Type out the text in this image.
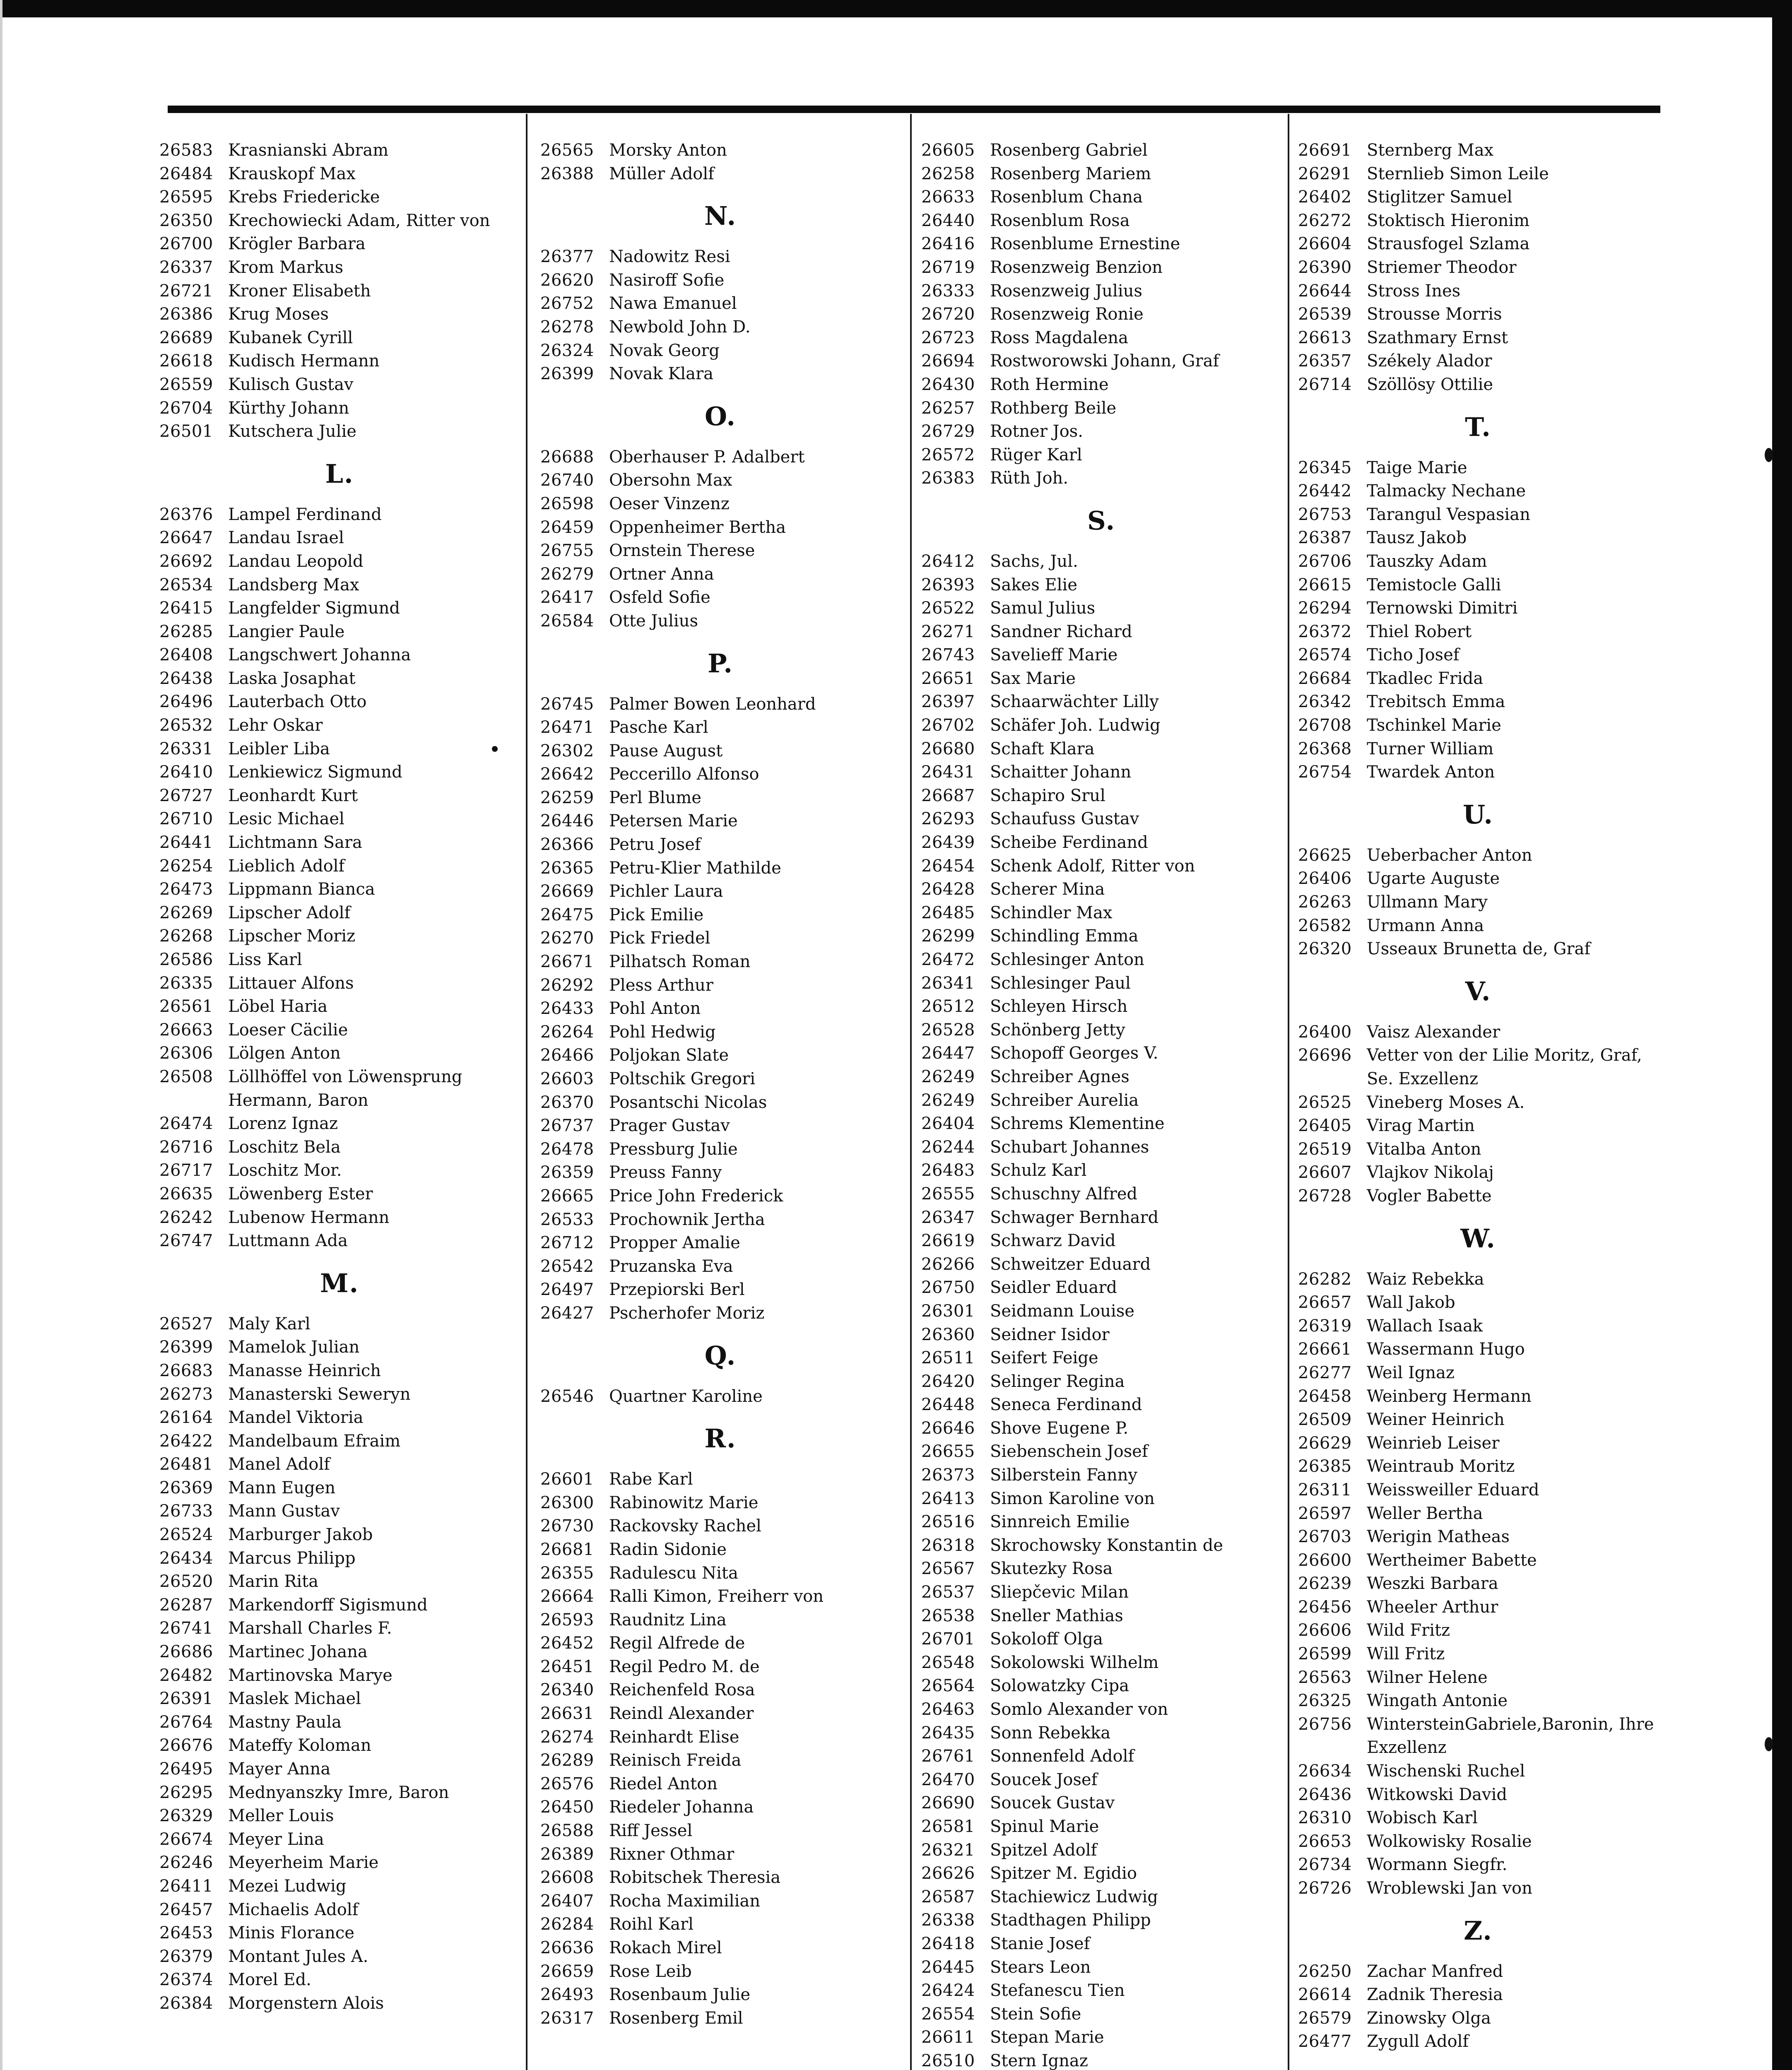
26583 Krasnianski Abram
26484 Krauskopf Max
26595 Krebs Friedericke
26350 Krechowiecki Adam, Ritter von
26700 Krögler Barbara
26337 Krom Markus
26721 Kroner Elisabeth
26386 Krug Moses
26689 Kubanek Cyrill
26618 Kudisch Hermann
26559 Kulisch Gustav
26704 Kürthy Johann
26501 Kutschera Julie
L.
26376 Lampel Ferdinand
26647 Landau Israel
26692 Landau Leopold
26534 Landsberg Max
26415 Langfelder Sigmund
26285 Langier Paule
26408 Langschwert Johanna
26438 Laska Josaphat
26496 Lauterbach Otto
26532 Lehr Oskar
26331 Leibler Liba
26410 Lenkiewicz Sigmund
26727 Leonhardt Kurt
26710 Lesic Michael
26441 Lichtmann Sara
26254 Lieblich Adolf
26473 Lippmann Bianca
26269 Lipscher Adolf
26268 Lipscher Moriz
26586 Liss Karl
26335 Littauer Alfons
26561 Löbel Haria
26663 Loeser Cäcilie
26306 Lölgen Anton
26508 Löllhöffel von Löwensprung Hermann, Baron
26474 Lorenz Ignaz
26716 Loschitz Bela
26717 Loschitz Mor.
26635 Löwenberg Ester
26242 Lubenow Hermann
26747 Luttmann Ada
M.
26527 Maly Karl
26399 Mamelok Julian
26683 Manasse Heinrich
26273 Manasterski Seweryn
26164 Mandel Viktoria
26422 Mandelbaum Efraim
26481 Manel Adolf
26369 Mann Eugen
26733 Mann Gustav
26524 Marburger Jakob
26434 Marcus Philipp
26520 Marin Rita
26287 Markendorff Sigismund
26741 Marshall Charles F.
26686 Martinec Johana
26482 Martinovska Marye
26391 Maslek Michael
26764 Mastny Paula
26676 Mateffy Koloman
26495 Mayer Anna
26295 Mednyanszky Imre, Baron
26329 Meller Louis
26674 Meyer Lina
26246 Meyerheim Marie
26411 Mezei Ludwig
26457 Michaelis Adolf
26453 Minis Florance
26379 Montant Jules A.
26374 Morel Ed.
26384 Morgenstern Alois
26565 Morsky Anton
26388 Müller Adolf
N.
26377 Nadowitz Resi
26620 Nasiroff Sofie
26752 Nawa Emanuel
26278 Newbold John D.
26324 Novak Georg
26399 Novak Klara
O.
26688 Oberhauser P. Adalbert
26740 Obersohn Max
26598 Oeser Vinzenz
26459 Oppenheimer Bertha
26755 Ornstein Therese
26279 Ortner Anna
26417 Osfeld Sofie
26584 Otte Julius
P.
26745 Palmer Bowen Leonhard
26471 Pasche Karl
26302 Pause August
26642 Peccerillo Alfonso
26259 Perl Blume
26446 Petersen Marie
26366 Petru Josef
26365 Petru-Klier Mathilde
26669 Pichler Laura
26475 Pick Emilie
26270 Pick Friedel
26671 Pilhatsch Roman
26292 Pless Arthur
26433 Pohl Anton
26264 Pohl Hedwig
26466 Poljokan Slate
26603 Poltschik Gregori
26370 Posantschi Nicolas
26737 Prager Gustav
26478 Pressburg Julie
26359 Preuss Fanny
26665 Price John Frederick
26533 Prochownik Jertha
26712 Propper Amalie
26542 Pruzanska Eva
26497 Przepiorski Berl
26427 Pscherhofer Moriz
Q.
26546 Quartner Karoline
R.
26601 Rabe Karl
26300 Rabinowitz Marie
26730 Rackovsky Rachel
26681 Radin Sidonie
26355 Radulescu Nita
26664 Ralli Kimon, Freiherr von
26593 Raudnitz Lina
26452 Regil Alfrede de
26451 Regil Pedro M. de
26340 Reichenfeld Rosa
26631 Reindl Alexander
26274 Reinhardt Elise
26289 Reinisch Freida
26576 Riedel Anton
26450 Riedeler Johanna
26588 Riff Jessel
26389 Rixner Othmar
26608 Robitschek Theresia
26407 Rocha Maximilian
26284 Roihl Karl
26636 Rokach Mirel
26659 Rose Leib
26493 Rosenbaum Julie
26317 Rosenberg Emil
26605 Rosenberg Gabriel
26258 Rosenberg Mariem
26633 Rosenblum Chana
26440 Rosenblum Rosa
26416 Rosenblume Ernestine
26719 Rosenzweig Benzion
26333 Rosenzweig Julius
26720 Rosenzweig Ronie
26723 Ross Magdalena
26694 Rostworowski Johann, Graf
26430 Roth Hermine
26257 Rothberg Beile
26729 Rotner Jos.
26572 Rüger Karl
26383 Rüth Joh.
S.
26412 Sachs, Jul.
26393 Sakes Elie
26522 Samul Julius
26271 Sandner Richard
26743 Savelieff Marie
26651 Sax Marie
26397 Schaarwächter Lilly
26702 Schäfer Joh. Ludwig
26680 Schaft Klara
26431 Schaitter Johann
26687 Schapiro Srul
26293 Schaufuss Gustav
26439 Scheibe Ferdinand
26454 Schenk Adolf, Ritter von
26428 Scherer Mina
26485 Schindler Max
26299 Schindling Emma
26472 Schlesinger Anton
26341 Schlesinger Paul
26512 Schleyen Hirsch
26528 Schönberg Jetty
26447 Schopoff Georges V.
26249 Schreiber Agnes
26249 Schreiber Aurelia
26404 Schrems Klementine
26244 Schubart Johannes
26483 Schulz Karl
26555 Schuschny Alfred
26347 Schwager Bernhard
26619 Schwarz David
26266 Schweitzer Eduard
26750 Seidler Eduard
26301 Seidmann Louise
26360 Seidner Isidor
26511 Seifert Feige
26420 Selinger Regina
26448 Seneca Ferdinand
26646 Shove Eugene P.
26655 Siebenschein Josef
26373 Silberstein Fanny
26413 Simon Karoline von
26516 Sinnreich Emilie
26318 Skrochowsky Konstantin de
26567 Skutezky Rosa
26537 Sliepčevic Milan
26538 Sneller Mathias
26701 Sokoloff Olga
26548 Sokolowski Wilhelm
26564 Solowatzky Cipa
26463 Somlo Alexander von
26435 Sonn Rebekka
26761 Sonnenfeld Adolf
26470 Soucek Josef
26690 Soucek Gustav
26581 Spinul Marie
26321 Spitzel Adolf
26626 Spitzer M. Egidio
26587 Stachiewicz Ludwig
26338 Stadthagen Philipp
26418 Stanie Josef
26445 Stears Leon
26424 Stefanescu Tien
26554 Stein Sofie
26611 Stepan Marie
26510 Stern Ignaz
26691 Sternberg Max
26291 Sternlieb Simon Leile
26402 Stiglitzer Samuel
26272 Stoktisch Hieronim
26604 Strausfogel Szlama
26390 Striemer Theodor
26644 Stross Ines
26539 Strousse Morris
26613 Szathmary Ernst
26357 Székely Alador
26714 Szöllösy Ottilie
T.
26345 Taige Marie
26442 Talmacky Nechane
26753 Tarangul Vespasian
26387 Tausz Jakob
26706 Tauszky Adam
26615 Temistocle Galli
26294 Ternowski Dimitri
26372 Thiel Robert
26574 Ticho Josef
26684 Tkadlec Frida
26342 Trebitsch Emma
26708 Tschinkel Marie
26368 Turner William
26754 Twardek Anton
U.
26625 Ueberbacher Anton
26406 Ugarte Auguste
26263 Ullmann Mary
26582 Urmann Anna
26320 Usseaux Brunetta de, Graf
V.
26400 Vaisz Alexander
26696 Vetter von der Lilie Moritz, Graf, Se. Exzellenz
26525 Vineberg Moses A.
26405 Virag Martin
26519 Vitalba Anton
26607 Vlajkov Nikolaj
26728 Vogler Babette
W.
26282 Waiz Rebekka
26657 Wall Jakob
26319 Wallach Isaak
26661 Wassermann Hugo
26277 Weil Ignaz
26458 Weinberg Hermann
26509 Weiner Heinrich
26629 Weinrieb Leiser
26385 Weintraub Moritz
26311 Weissweiller Eduard
26597 Weller Bertha
26703 Werigin Matheas
26600 Wertheimer Babette
26239 Weszki Barbara
26456 Wheeler Arthur
26606 Wild Fritz
26599 Will Fritz
26563 Wilner Helene
26325 Wingath Antonie
26756 WintersteinGabriele,Baronin, Ihre Exzellenz
26634 Wischenski Ruchel
26436 Witkowski David
26310 Wobisch Karl
26653 Wolkowisky Rosalie
26734 Wormann Siegfr.
26726 Wroblewski Jan von
Z.
26250 Zachar Manfred
26614 Zadnik Theresia
26579 Zinowsky Olga
26477 Zygull Adolf
